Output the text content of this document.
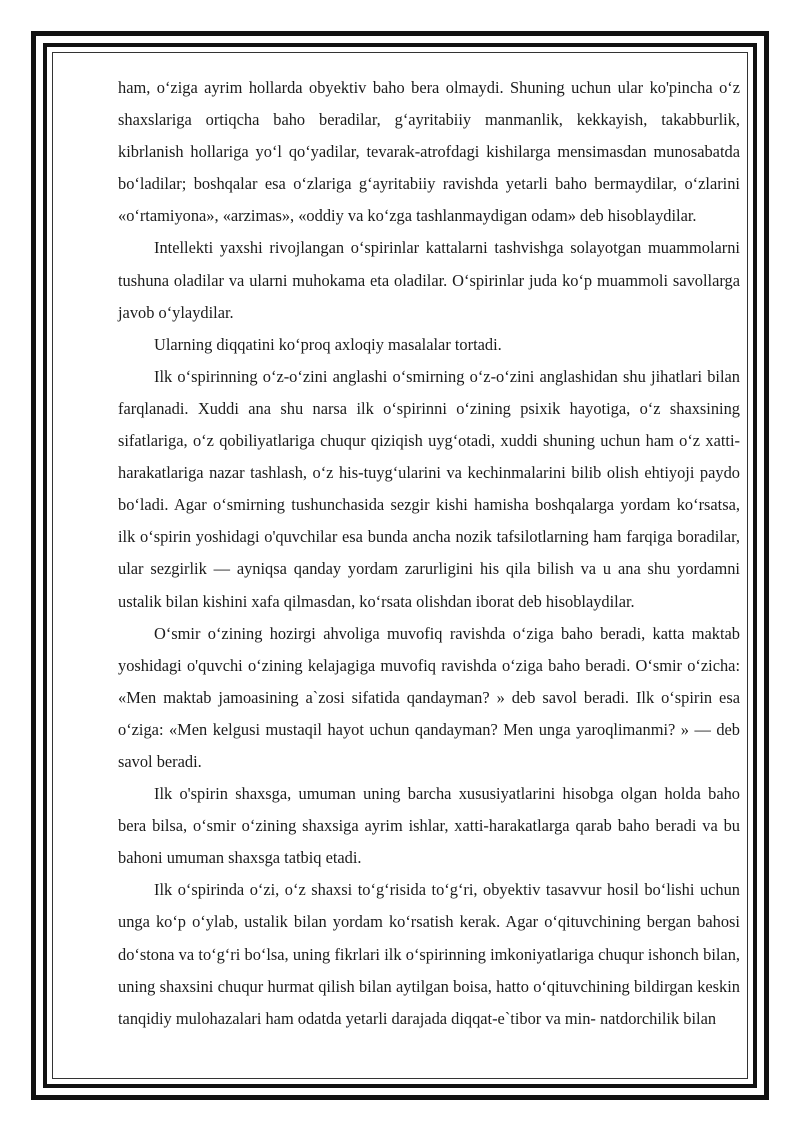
ham, o‘ziga ayrim hollarda obyektiv baho bera olmaydi. Shuning uchun ular ko'pincha o‘z shaxslariga ortiqcha baho beradilar, g‘ayritabiiy manmanlik, kekkayish, takabburlik, kibrlanish hollariga yo‘l qo‘yadilar, tevarak-atrofdagi kishilarga mensimasdan munosabatda bo‘ladilar; boshqalar esa o‘zlariga g‘ayritabiiy ravishda yetarli baho bermaydilar, o‘zlarini «o‘rtamiyona», «arzimas», «oddiy va ko‘zga tashlanmaydigan odam» deb hisoblaydilar.

Intellekti yaxshi rivojlangan o‘spirinlar kattalarni tashvishga solayotgan muammolarni tushuna oladilar va ularni muhokama eta oladilar. O‘spirinlar juda ko‘p muammoli savollarga javob o‘ylaydilar.

Ularning diqqatini ko‘proq axloqiy masalalar tortadi.

Ilk o‘spirinning o‘z-o‘zini anglashi o‘smirning o‘z-o‘zini anglashidan shu jihatlari bilan farqlanadi. Xuddi ana shu narsa ilk o‘spirinni o‘zining psixik hayotiga, o‘z shaxsining sifatlariga, o‘z qobiliyatlariga chuqur qiziqish uyg‘otadi, xuddi shuning uchun ham o‘z xatti-harakatlariga nazar tashlash, o‘z his-tuyg‘ularini va kechinmalarini bilib olish ehtiyoji paydo bo‘ladi. Agar o‘smirning tushunchasida sezgir kishi hamisha boshqalarga yordam ko‘rsatsa, ilk o‘spirin yoshidagi o'quvchilar esa bunda ancha nozik tafsilotlarning ham farqiga boradilar, ular sezgirlik — ayniqsa qanday yordam zarurligini his qila bilish va u ana shu yordamni ustalik bilan kishini xafa qilmasdan, ko‘rsata olishdan iborat deb hisoblaydilar.

O‘smir o‘zining hozirgi ahvoliga muvofiq ravishda o‘ziga baho beradi, katta maktab yoshidagi o'quvchi o‘zining kelajagiga muvofiq ravishda o‘ziga baho beradi. O‘smir o‘zicha: «Men maktab jamoasining a`zosi sifatida qandayman? » deb savol beradi. Ilk o‘spirin esa o‘ziga: «Men kelgusi mustaqil hayot uchun qandayman? Men unga yaroqlimanmi? » — deb savol beradi.

Ilk o'spirin shaxsga, umuman uning barcha xususiyatlarini hisobga olgan holda baho bera bilsa, o‘smir o‘zining shaxsiga ayrim ishlar, xatti-harakatlarga qarab baho beradi va bu bahoni umuman shaxsga tatbiq etadi.

Ilk o‘spirinda o‘zi, o‘z shaxsi to‘g‘risida to‘g‘ri, obyektiv tasavvur hosil bo‘lishi uchun unga ko‘p o‘ylab, ustalik bilan yordam ko‘rsatish kerak. Agar o‘qituvchining bergan bahosi do‘stona va to‘g‘ri bo‘lsa, uning fikrlari ilk o‘spirinning imkoniyatlariga chuqur ishonch bilan, uning shaxsini chuqur hurmat qilish bilan aytilgan boisa, hatto o‘qituvchining bildirgan keskin tanqidiy mulohazalari ham odatda yetarli darajada diqqat-e`tibor va min- natdorchilik bilan
